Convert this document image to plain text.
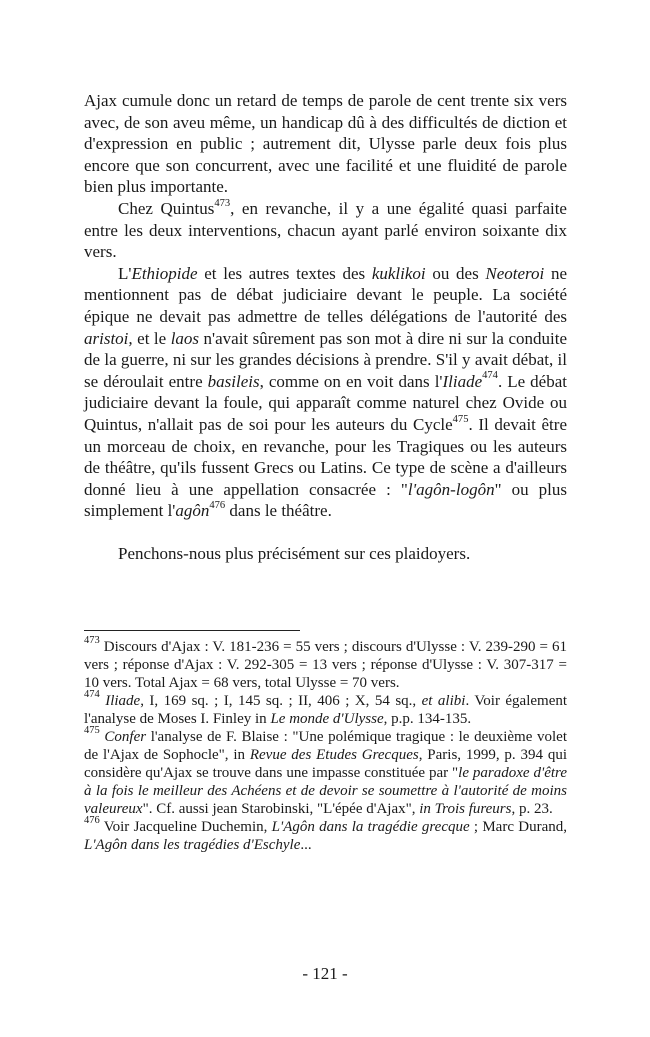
Ajax cumule donc un retard de temps de parole de cent trente six vers avec, de son aveu même, un handicap dû à des difficultés de diction et d'expression en public ; autrement dit, Ulysse parle deux fois plus encore que son concurrent, avec une facilité et une fluidité de parole bien plus importante.

Chez Quintus$^{473}$, en revanche, il y a une égalité quasi parfaite entre les deux interventions, chacun ayant parlé environ soixante dix vers.

L'Ethiopide et les autres textes des kuklikoi ou des Neoteroi ne mentionnent pas de débat judiciaire devant le peuple. La société épique ne devait pas admettre de telles délégations de l'autorité des aristoi, et le laos n'avait sûrement pas son mot à dire ni sur la conduite de la guerre, ni sur les grandes décisions à prendre. S'il y avait débat, il se déroulait entre basileis, comme on en voit dans l'Iliade$^{474}$. Le débat judiciaire devant la foule, qui apparaît comme naturel chez Ovide ou Quintus, n'allait pas de soi pour les auteurs du Cycle$^{475}$. Il devait être un morceau de choix, en revanche, pour les Tragiques ou les auteurs de théâtre, qu'ils fussent Grecs ou Latins. Ce type de scène a d'ailleurs donné lieu à une appellation consacrée : "l'agôn-logôn" ou plus simplement l'agôn$^{476}$ dans le théâtre.

Penchons-nous plus précisément sur ces plaidoyers.

$^{473}$ Discours d'Ajax : V. 181-236 = 55 vers ; discours d'Ulysse : V. 239-290 = 61 vers ; réponse d'Ajax : V. 292-305 = 13 vers ; réponse d'Ulysse : V. 307-317 = 10 vers. Total Ajax = 68 vers, total Ulysse = 70 vers.

$^{474}$ Iliade, I, 169 sq. ; I, 145 sq. ; II, 406 ; X, 54 sq., et alibi. Voir également l'analyse de Moses I. Finley in Le monde d'Ulysse, p.p. 134-135.

$^{475}$ Confer l'analyse de F. Blaise : "Une polémique tragique : le deuxième volet de l'Ajax de Sophocle", in Revue des Etudes Grecques, Paris, 1999, p. 394 qui considère qu'Ajax se trouve dans une impasse constituée par "le paradoxe d'être à la fois le meilleur des Achéens et de devoir se soumettre à l'autorité de moins valeureux". Cf. aussi jean Starobinski, "L'épée d'Ajax", in Trois fureurs, p. 23.

$^{476}$ Voir Jacqueline Duchemin, L'Agôn dans la tragédie grecque ; Marc Durand, L'Agôn dans les tragédies d'Eschyle...

- 121 -
